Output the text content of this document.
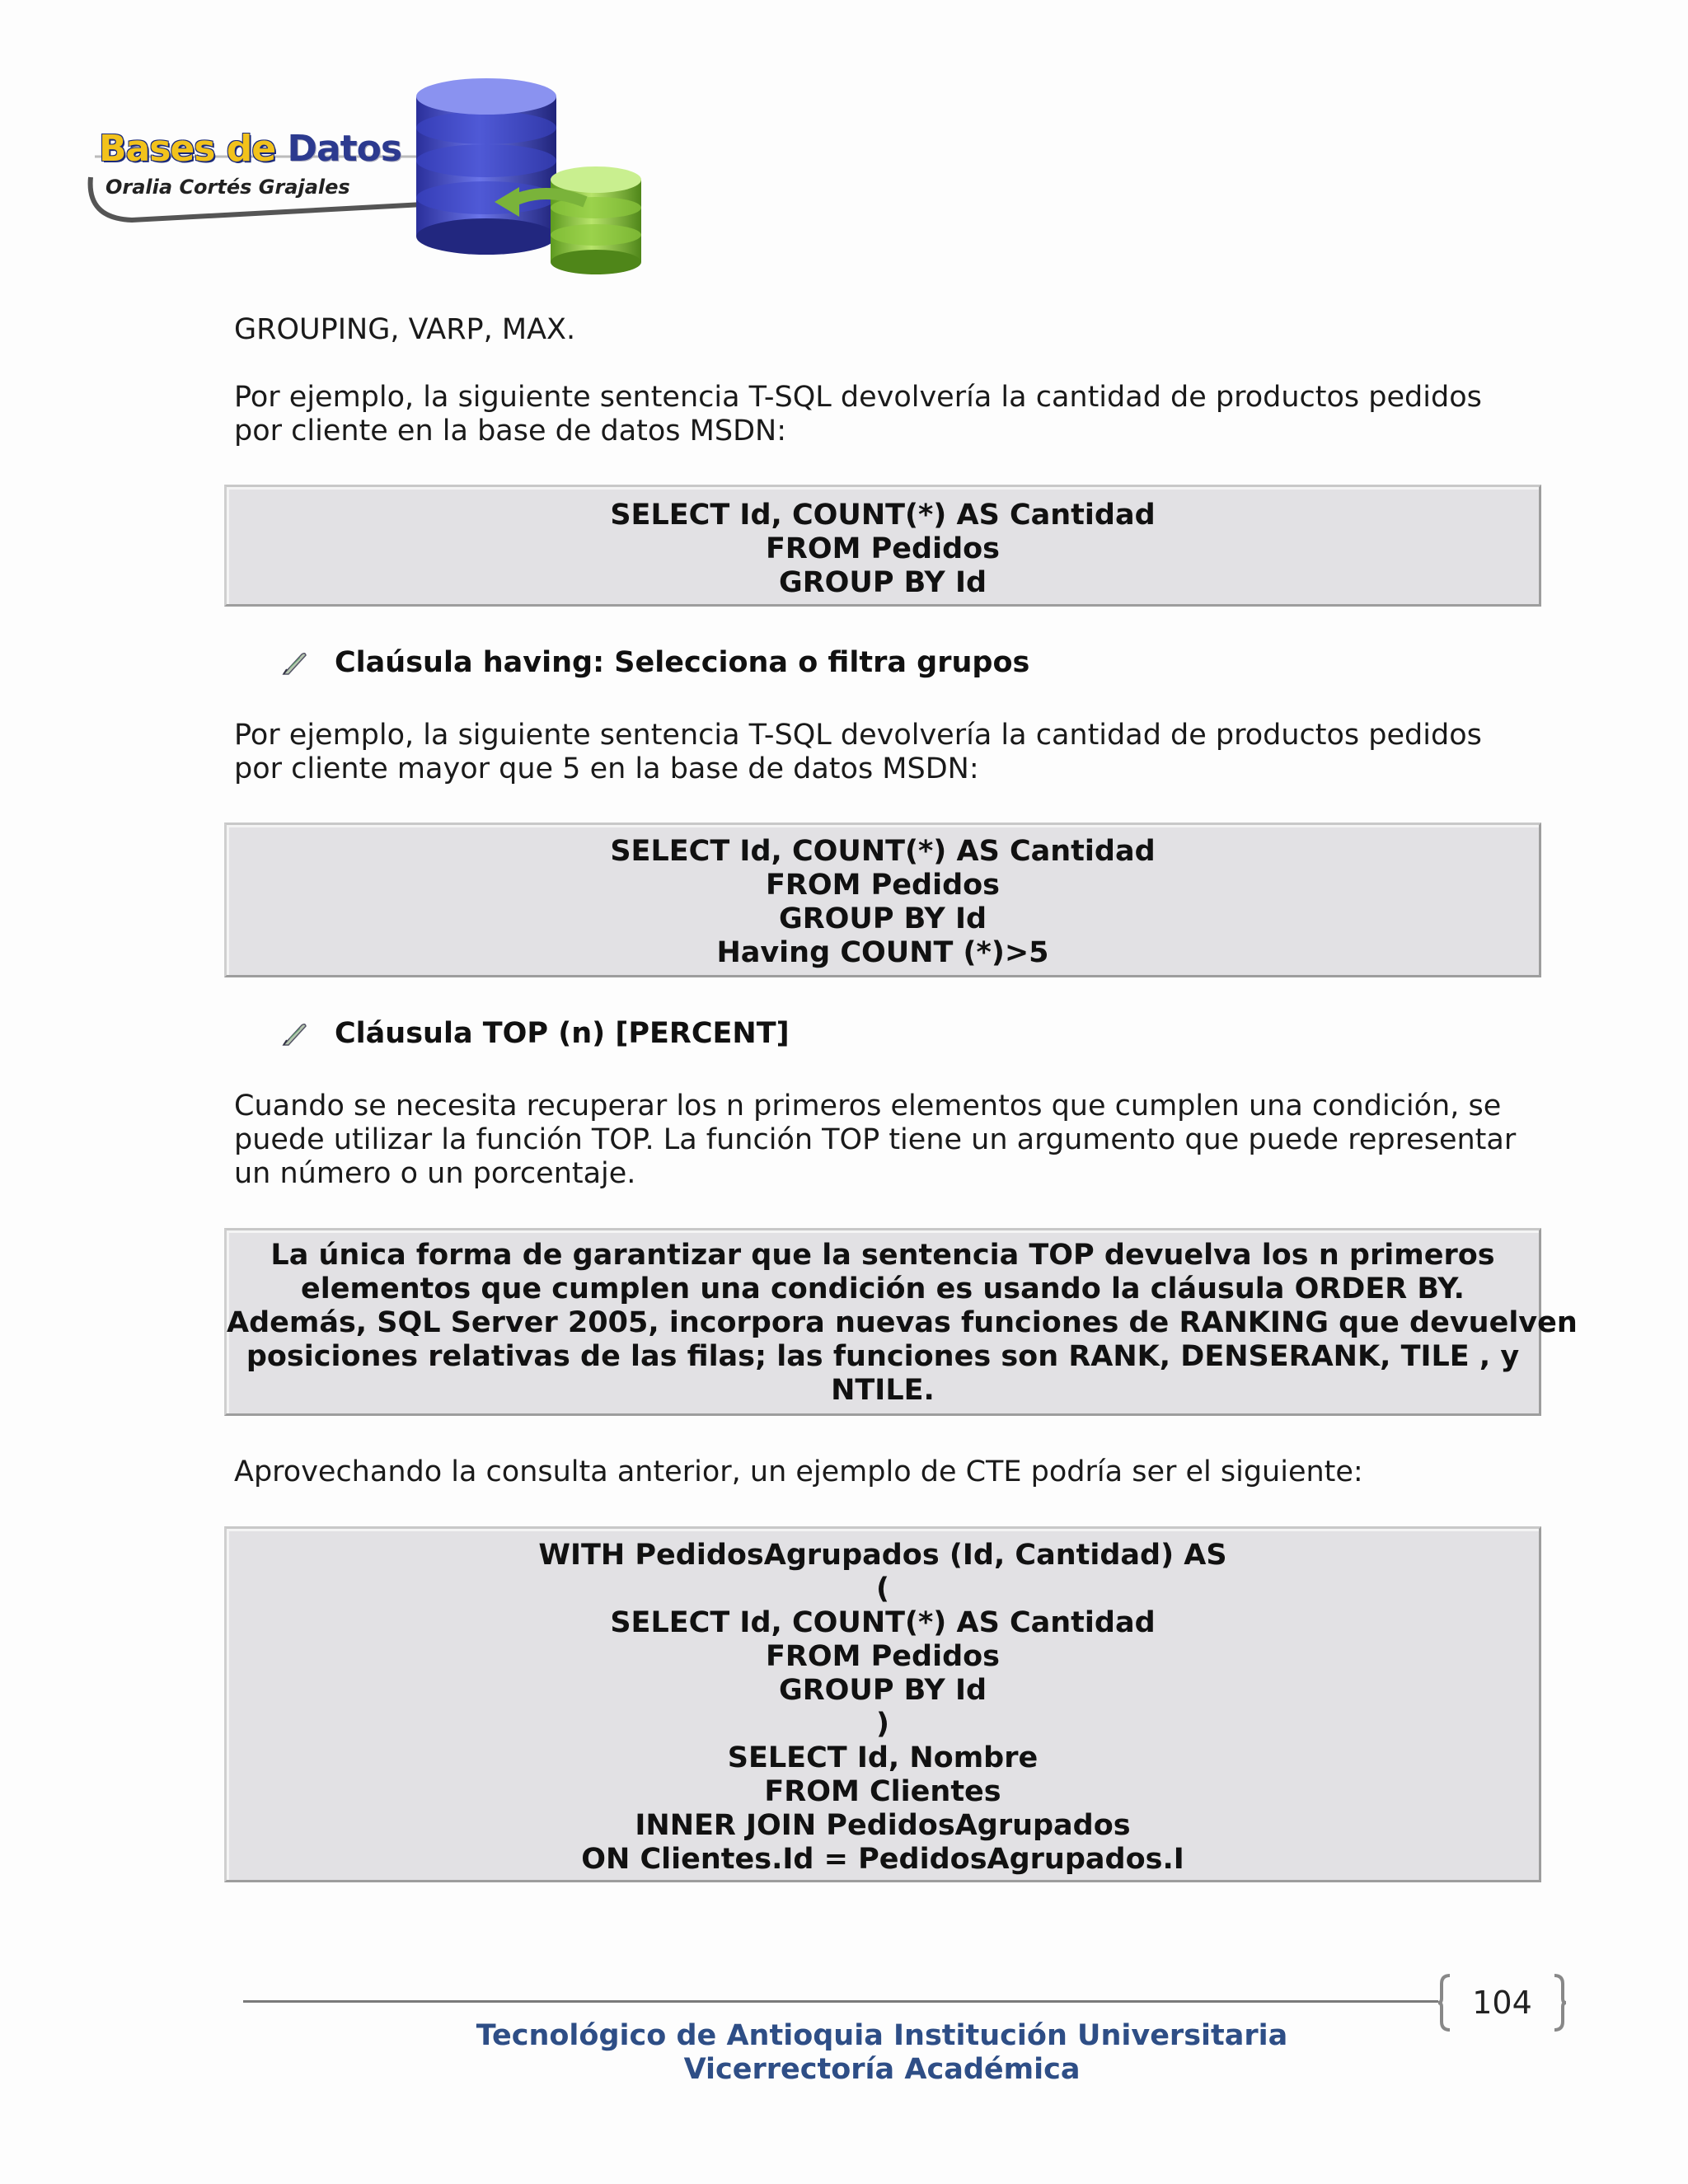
Bases de Datos
Oralia Cortés Grajales
GROUPING, VARP, MAX.
Por ejemplo, la siguiente sentencia T-SQL devolvería la cantidad de productos pedidos por cliente en la base de datos MSDN:
SELECT Id, COUNT(*) AS Cantidad
FROM Pedidos
GROUP BY Id
Claúsula having: Selecciona o filtra grupos
Por ejemplo, la siguiente sentencia T-SQL devolvería la cantidad de productos pedidos por cliente mayor que 5 en la base de datos MSDN:
SELECT Id, COUNT(*) AS Cantidad
FROM Pedidos
GROUP BY Id
Having COUNT (*)>5
Cláusula TOP (n) [PERCENT]
Cuando se necesita recuperar los n primeros elementos que cumplen una condición, se puede utilizar la función TOP. La función TOP tiene un argumento que puede representar un número o un porcentaje.
La única forma de garantizar que la sentencia TOP devuelva los n primeros
elementos que cumplen una condición es usando la cláusula ORDER BY.
Además, SQL Server 2005, incorpora nuevas funciones de RANKING que devuelven
posiciones relativas de las filas; las funciones son RANK, DENSERANK, TILE , y
NTILE.
Aprovechando la consulta anterior, un ejemplo de CTE podría ser el siguiente:
WITH PedidosAgrupados (Id, Cantidad) AS
(
SELECT Id, COUNT(*) AS Cantidad
FROM Pedidos
GROUP BY Id
)
SELECT Id, Nombre
FROM Clientes
INNER JOIN PedidosAgrupados
ON Clientes.Id = PedidosAgrupados.I
104
Tecnológico de Antioquia Institución Universitaria
Vicerrectoría Académica
